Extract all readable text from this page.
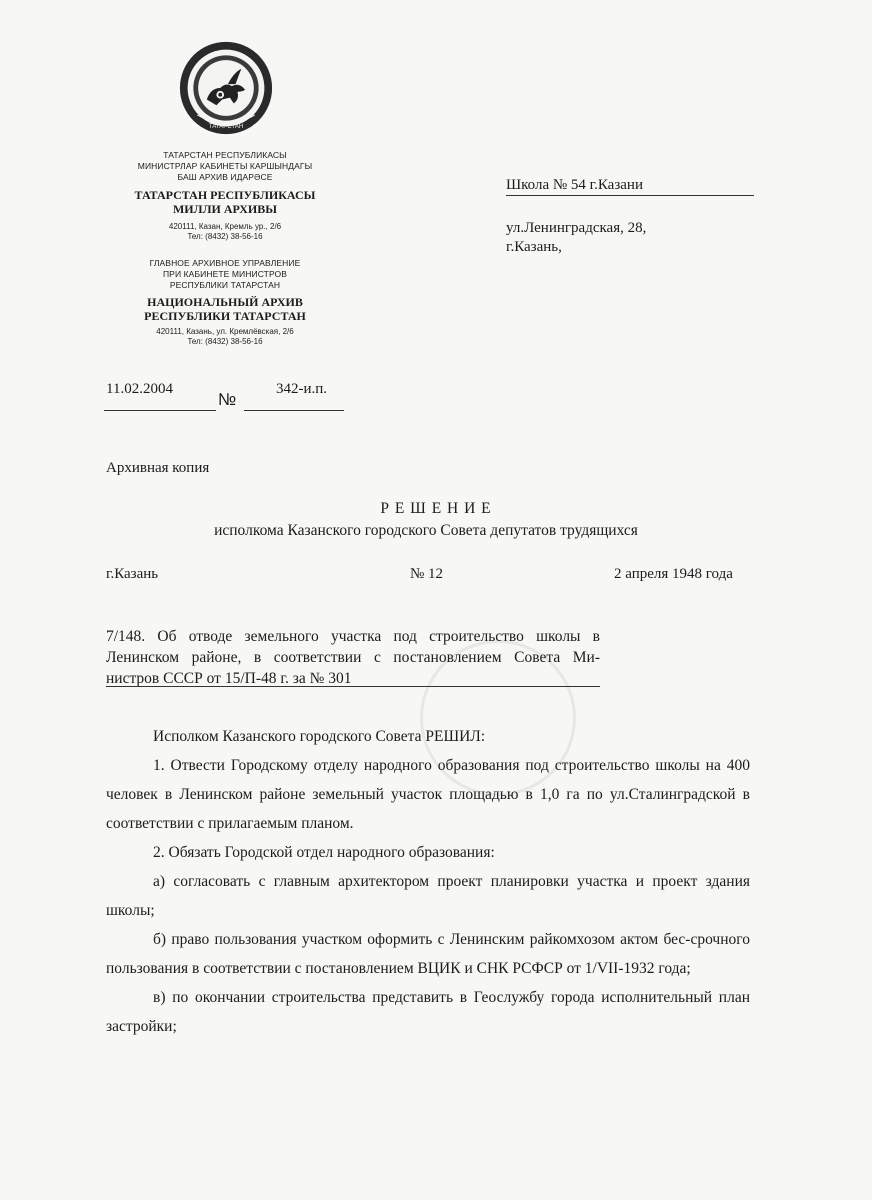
ТАТАРСТАН
ТАТАРСТАН РЕСПУБЛИКАСЫ
МИНИСТРЛАР КАБИНЕТЫ КАРШЫНДАГЫ
БАШ АРХИВ ИДАРӘСЕ
ТАТАРСТАН РЕСПУБЛИКАСЫ
МИЛЛИ АРХИВЫ
420111, Казан, Кремль ур., 2/6
Тел: (8432) 38-56-16
ГЛАВНОЕ АРХИВНОЕ УПРАВЛЕНИЕ
ПРИ КАБИНЕТЕ МИНИСТРОВ
РЕСПУБЛИКИ ТАТАРСТАН
НАЦИОНАЛЬНЫЙ АРХИВ
РЕСПУБЛИКИ ТАТАРСТАН
420111, Казань, ул. Кремлёвская, 2/6
Тел: (8432) 38-56-16
Школа № 54 г.Казани
ул.Ленинградская, 28,
г.Казань,
11.02.2004
№
342-и.п.
Архивная копия
Р Е Ш Е Н И Е
исполкома Казанского городского Совета депутатов трудящихся
г.Казань	№ 12	2 апреля 1948 года
7/148. Об отводе земельного участка под строительство школы в
Ленинском районе, в соответствии с постановлением Совета Ми-
нистров СССР от 15/П-48 г. за № 301

Исполком Казанского городского Совета РЕШИЛ:

1. Отвести Городскому отделу народного образования под строительство школы на 400 человек в Ленинском районе земельный участок площадью в 1,0 га по ул.Сталинградской в соответствии с прилагаемым планом.

2. Обязать Городской отдел народного образования:

а) согласовать с главным архитектором проект планировки участка и проект здания школы;

б) право пользования участком оформить с Ленинским райкомхозом актом бес-срочного пользования в соответствии с постановлением ВЦИК и СНК РСФСР от 1/VII-1932 года;

в) по окончании строительства представить в Геослужбу города исполнительный план застройки;
